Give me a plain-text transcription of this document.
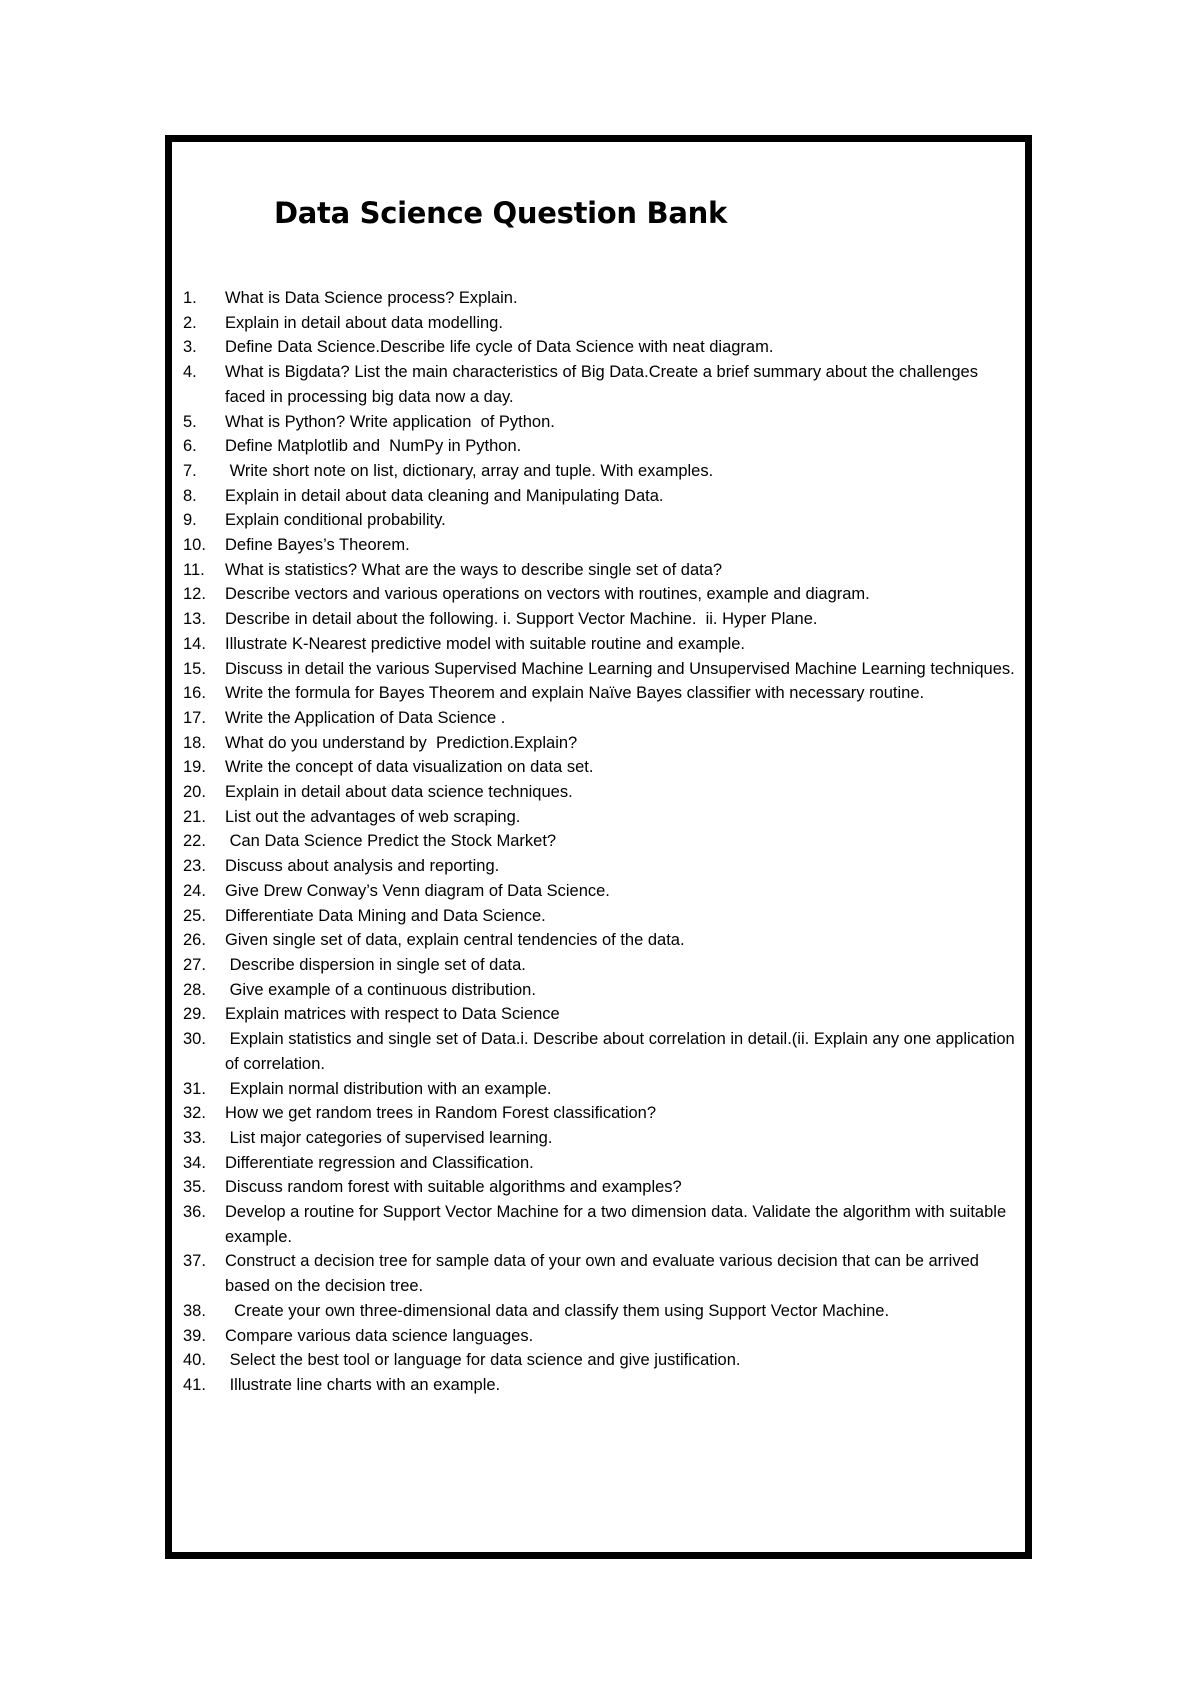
Data Science Question Bank
1.	What is Data Science process? Explain.
2.	Explain in detail about data modelling.
3.	Define Data Science.Describe life cycle of Data Science with neat diagram.
4.	What is Bigdata? List the main characteristics of Big Data.Create a brief summary about the challenges faced in processing big data now a day.
5.	What is Python? Write application  of Python.
6.	Define Matplotlib and  NumPy in Python.
7.	Write short note on list, dictionary, array and tuple. With examples.
8.	Explain in detail about data cleaning and Manipulating Data.
9.	Explain conditional probability.
10.	Define Bayes’s Theorem.
11.	What is statistics? What are the ways to describe single set of data?
12.	Describe vectors and various operations on vectors with routines, example and diagram.
13.	Describe in detail about the following. i. Support Vector Machine.  ii. Hyper Plane.
14.	Illustrate K-Nearest predictive model with suitable routine and example.
15.	Discuss in detail the various Supervised Machine Learning and Unsupervised Machine Learning techniques.
16.	Write the formula for Bayes Theorem and explain Naïve Bayes classifier with necessary routine.
17.	Write the Application of Data Science .
18.	What do you understand by  Prediction.Explain?
19.	Write the concept of data visualization on data set.
20.	Explain in detail about data science techniques.
21.	List out the advantages of web scraping.
22.	Can Data Science Predict the Stock Market?
23.	Discuss about analysis and reporting.
24.	Give Drew Conway’s Venn diagram of Data Science.
25.	Differentiate Data Mining and Data Science.
26.	Given single set of data, explain central tendencies of the data.
27.	Describe dispersion in single set of data.
28.	Give example of a continuous distribution.
29.	Explain matrices with respect to Data Science
30.	Explain statistics and single set of Data.i. Describe about correlation in detail.(ii. Explain any one application of correlation.
31.	Explain normal distribution with an example.
32.	How we get random trees in Random Forest classification?
33.	List major categories of supervised learning.
34.	Differentiate regression and Classification.
35.	Discuss random forest with suitable algorithms and examples?
36.	Develop a routine for Support Vector Machine for a two dimension data. Validate the algorithm with suitable example.
37.	Construct a decision tree for sample data of your own and evaluate various decision that can be arrived based on the decision tree.
38.	Create your own three-dimensional data and classify them using Support Vector Machine.
39.	Compare various data science languages.
40.	Select the best tool or language for data science and give justification.
41.	Illustrate line charts with an example.
